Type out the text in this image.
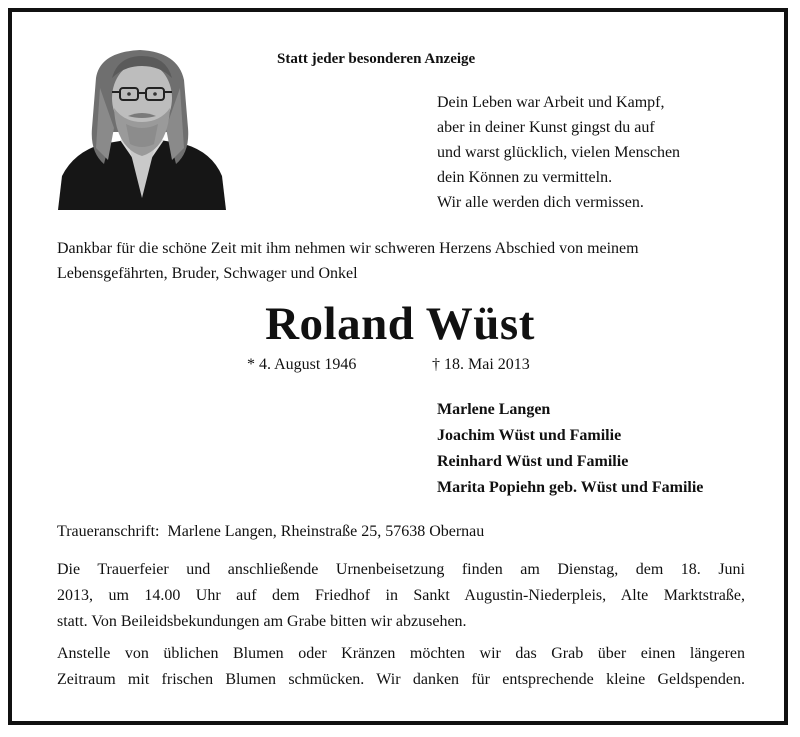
Statt jeder besonderen Anzeige
Dein Leben war Arbeit und Kampf,
aber in deiner Kunst gingst du auf
und warst glücklich, vielen Menschen
dein Können zu vermitteln.
Wir alle werden dich vermissen.
Dankbar für die schöne Zeit mit ihm nehmen wir schweren Herzens Abschied von meinem
Lebensgefährten, Bruder, Schwager und Onkel
Roland Wüst
* 4. August 1946	† 18. Mai 2013
Marlene Langen
Joachim Wüst und Familie
Reinhard Wüst und Familie
Marita Popiehn geb. Wüst und Familie
Traueranschrift:  Marlene Langen, Rheinstraße 25, 57638 Obernau
Die Trauerfeier und anschließende Urnenbeisetzung finden am Dienstag, dem 18. Juni
2013, um 14.00 Uhr auf dem Friedhof in Sankt Augustin-Niederpleis, Alte Marktstraße,
statt. Von Beileidsbekundungen am Grabe bitten wir abzusehen.
Anstelle von üblichen Blumen oder Kränzen möchten wir das Grab über einen längeren
Zeitraum mit frischen Blumen schmücken. Wir danken für entsprechende kleine Geldspenden.
